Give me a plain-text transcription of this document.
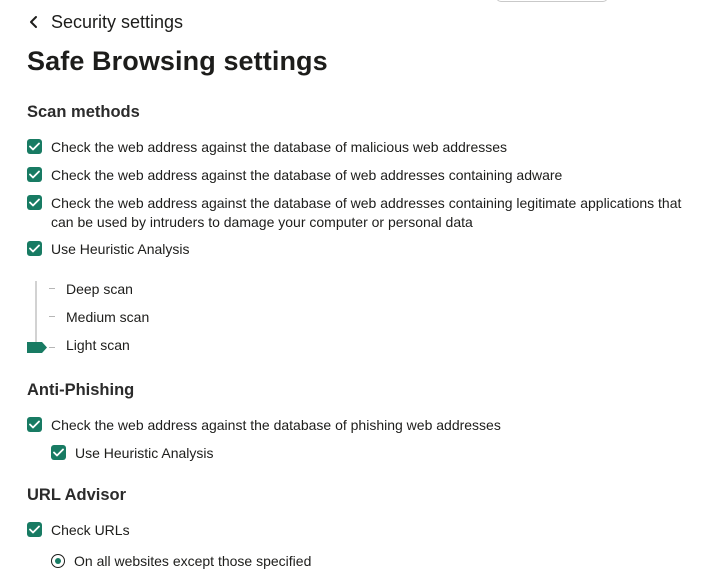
Security settings
Safe Browsing settings
Scan methods
Check the web address against the database of malicious web addresses
Check the web address against the database of web addresses containing adware
Check the web address against the database of web addresses containing legitimate applications that can be used by intruders to damage your computer or personal data
Use Heuristic Analysis
Deep scan
Medium scan
Light scan
Anti-Phishing
Check the web address against the database of phishing web addresses
Use Heuristic Analysis
URL Advisor
Check URLs
On all websites except those specified
